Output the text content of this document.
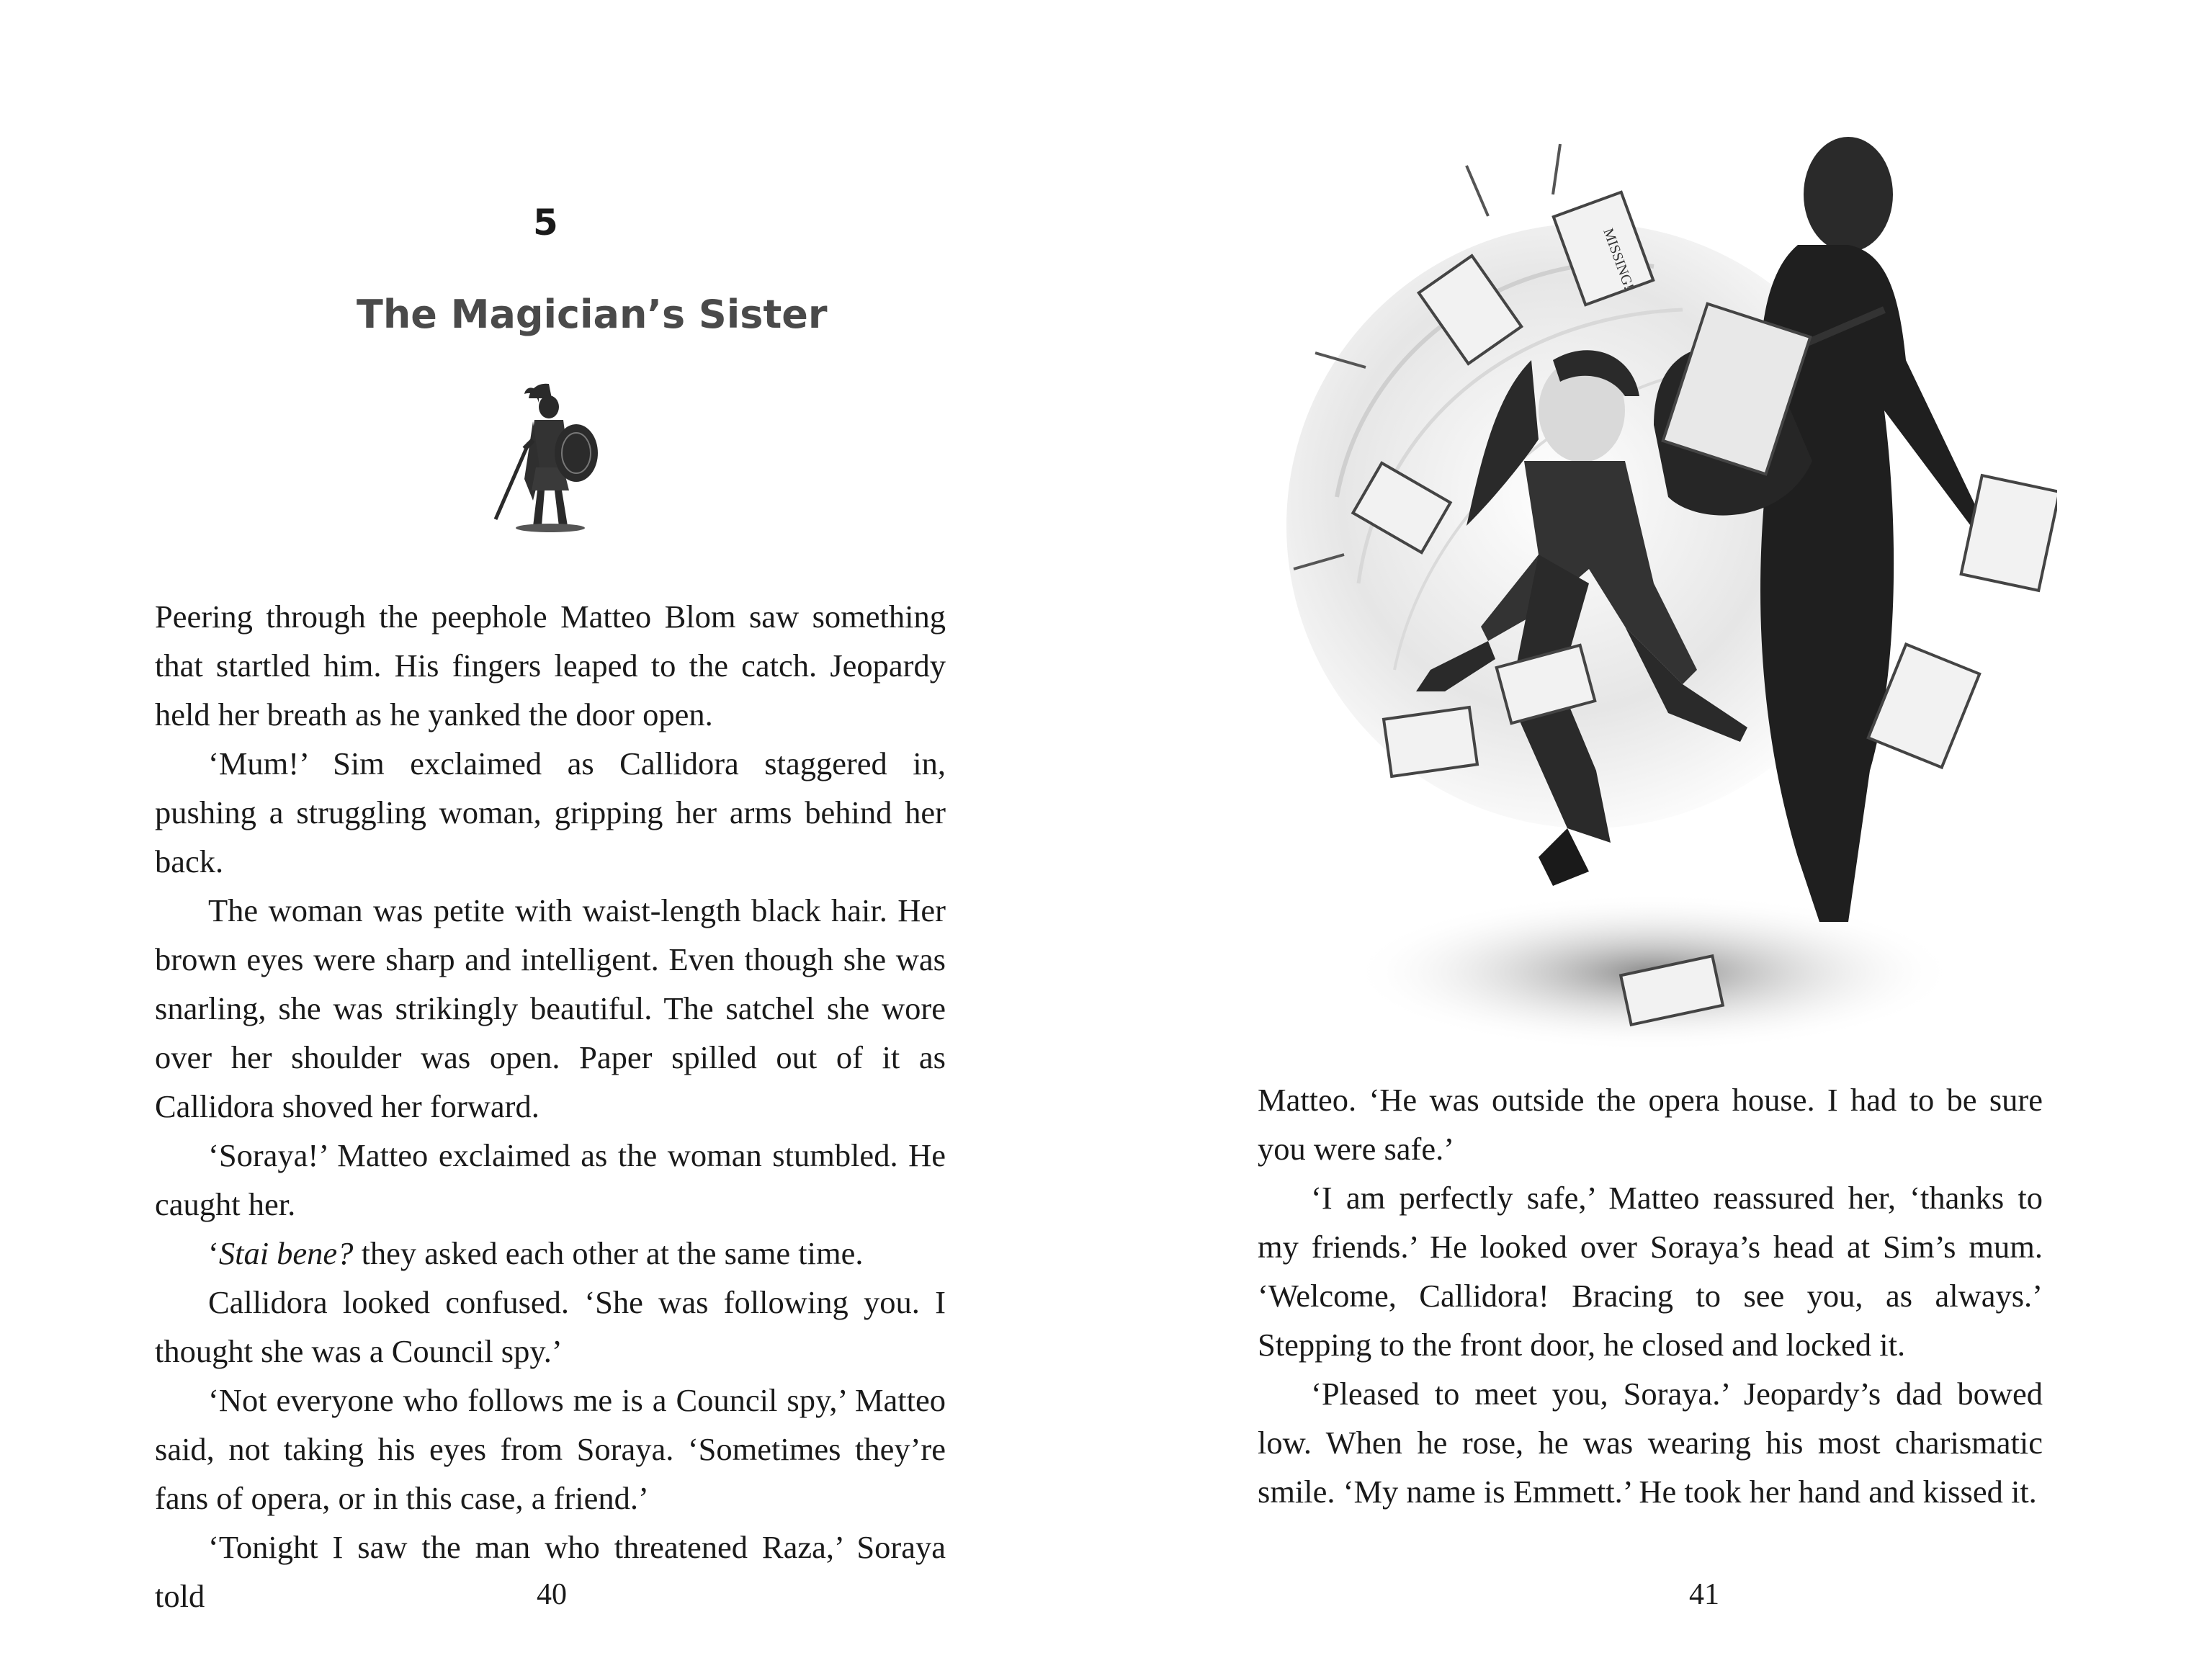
5
The Magician’s Sister

Peering through the peephole Matteo Blom saw something that startled him. His fingers leaped to the catch. Jeopardy held her breath as he yanked the door open.

‘Mum!’ Sim exclaimed as Callidora staggered in, pushing a struggling woman, gripping her arms behind her back.

The woman was petite with waist-length black hair. Her brown eyes were sharp and intelligent. Even though she was snarling, she was strikingly beautiful. The satchel she wore over her shoulder was open. Paper spilled out of it as Callidora shoved her forward.

‘Soraya!’ Matteo exclaimed as the woman stumbled. He caught her.

‘Stai bene? they asked each other at the same time.

Callidora looked confused. ‘She was following you. I thought she was a Council spy.’

‘Not everyone who follows me is a Council spy,’ Matteo said, not taking his eyes from Soraya. ‘Sometimes they’re fans of opera, or in this case, a friend.’

‘Tonight I saw the man who threatened Raza,’ Soraya told	40
MISSING!

Matteo. ‘He was outside the opera house. I had to be sure you were safe.’

‘I am perfectly safe,’ Matteo reassured her, ‘thanks to my friends.’ He looked over Soraya’s head at Sim’s mum. ‘Welcome, Callidora! Bracing to see you, as always.’ Stepping to the front door, he closed and locked it.

‘Pleased to meet you, Soraya.’ Jeopardy’s dad bowed low. When he rose, he was wearing his most charismatic smile. ‘My name is Emmett.’ He took her hand and kissed it.

41
